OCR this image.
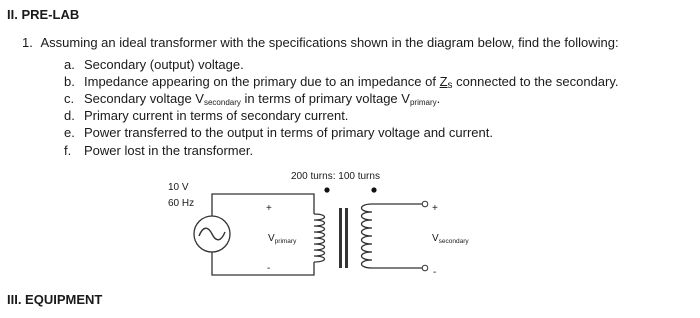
II. PRE-LAB
1. Assuming an ideal transformer with the specifications shown in the diagram below, find the following:
a. Secondary (output) voltage.
b. Impedance appearing on the primary due to an impedance of $Z_s$ connected to the secondary.
c. Secondary voltage $V_{secondary}$ in terms of primary voltage $V_{primary}$.
d. Primary current in terms of secondary current.
e. Power transferred to the output in terms of primary voltage and current.
f. Power lost in the transformer.
10 V
60 Hz
200 turns: 100 turns
+
-
+
-
$V_{primary}$	$V_{secondary}$
III. EQUIPMENT
